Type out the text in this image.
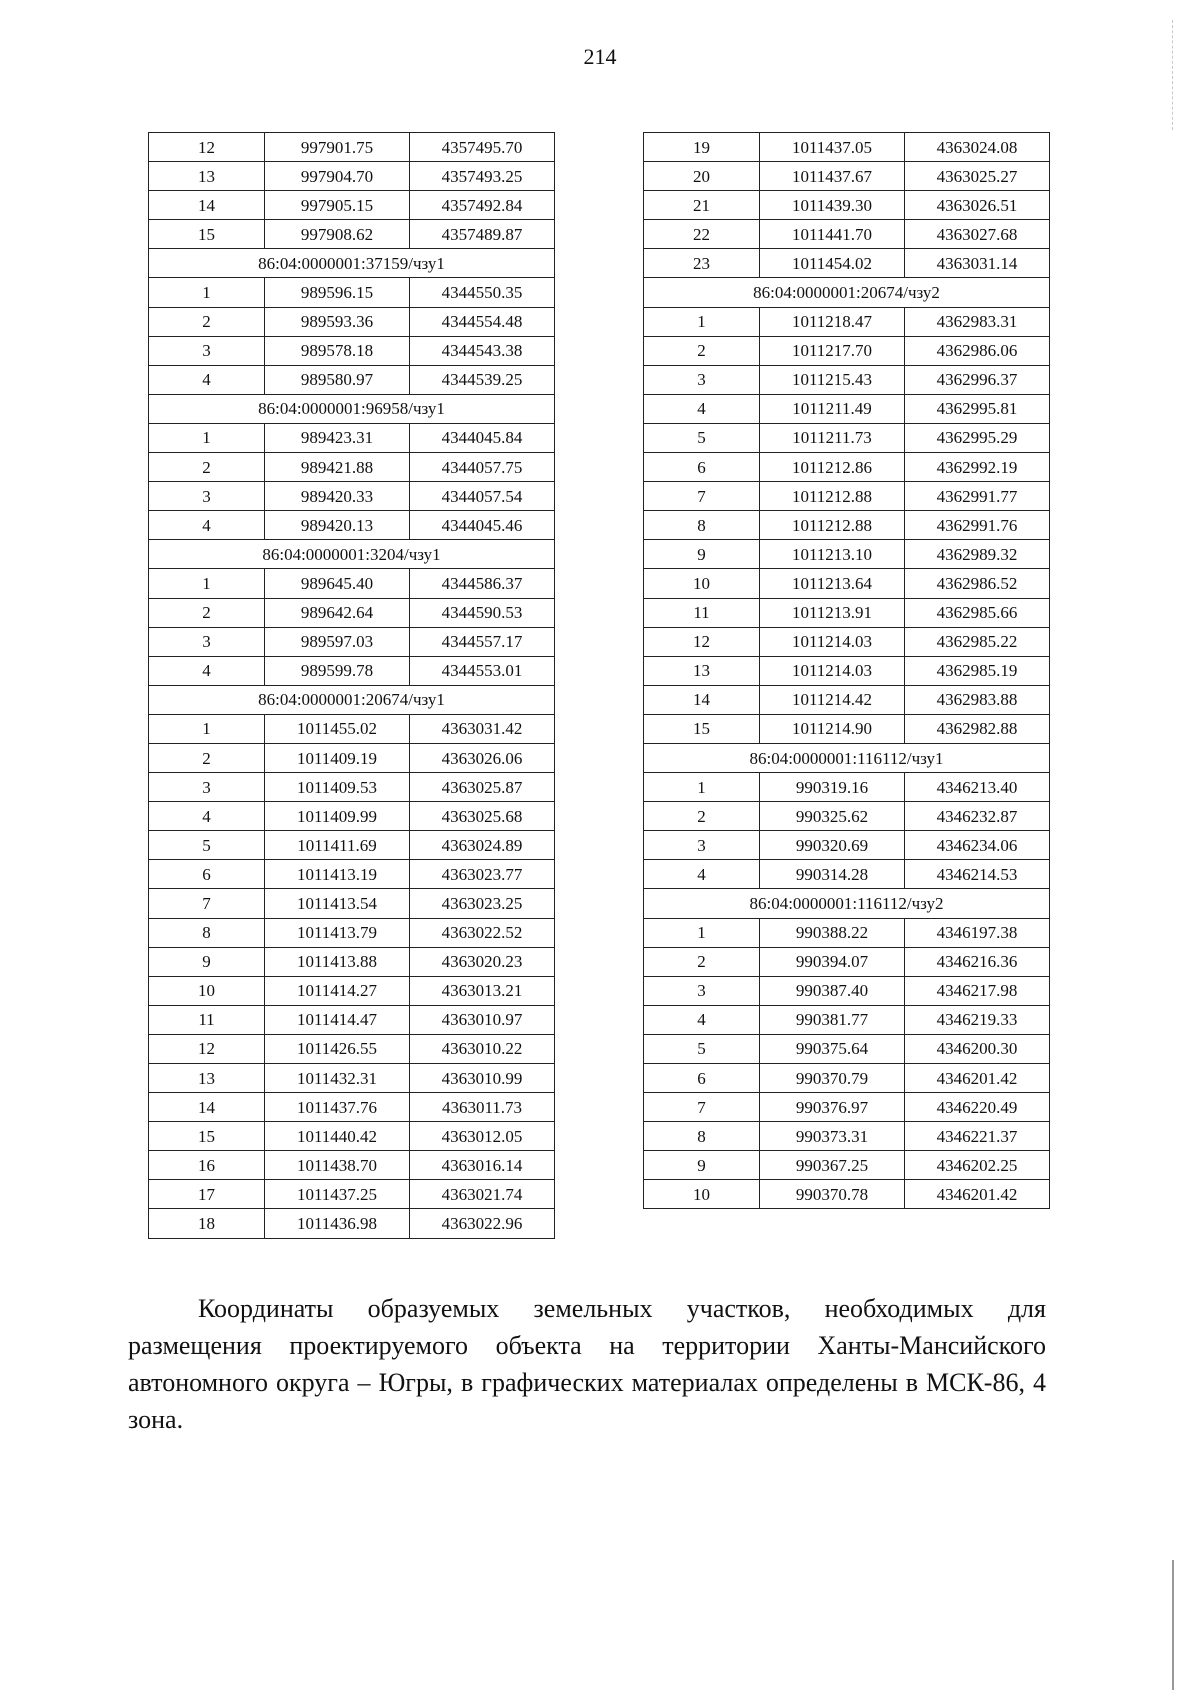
214
12	997901.75	4357495.70
13	997904.70	4357493.25
14	997905.15	4357492.84
15	997908.62	4357489.87
86:04:0000001:37159/чзу1		
1	989596.15	4344550.35
2	989593.36	4344554.48
3	989578.18	4344543.38
4	989580.97	4344539.25
86:04:0000001:96958/чзу1		
1	989423.31	4344045.84
2	989421.88	4344057.75
3	989420.33	4344057.54
4	989420.13	4344045.46
86:04:0000001:3204/чзу1		
1	989645.40	4344586.37
2	989642.64	4344590.53
3	989597.03	4344557.17
4	989599.78	4344553.01
86:04:0000001:20674/чзу1		
1	1011455.02	4363031.42
2	1011409.19	4363026.06
3	1011409.53	4363025.87
4	1011409.99	4363025.68
5	1011411.69	4363024.89
6	1011413.19	4363023.77
7	1011413.54	4363023.25
8	1011413.79	4363022.52
9	1011413.88	4363020.23
10	1011414.27	4363013.21
11	1011414.47	4363010.97
12	1011426.55	4363010.22
13	1011432.31	4363010.99
14	1011437.76	4363011.73
15	1011440.42	4363012.05
16	1011438.70	4363016.14
17	1011437.25	4363021.74
18	1011436.98	4363022.96
19	1011437.05	4363024.08
20	1011437.67	4363025.27
21	1011439.30	4363026.51
22	1011441.70	4363027.68
23	1011454.02	4363031.14
86:04:0000001:20674/чзу2		
1	1011218.47	4362983.31
2	1011217.70	4362986.06
3	1011215.43	4362996.37
4	1011211.49	4362995.81
5	1011211.73	4362995.29
6	1011212.86	4362992.19
7	1011212.88	4362991.77
8	1011212.88	4362991.76
9	1011213.10	4362989.32
10	1011213.64	4362986.52
11	1011213.91	4362985.66
12	1011214.03	4362985.22
13	1011214.03	4362985.19
14	1011214.42	4362983.88
15	1011214.90	4362982.88
86:04:0000001:116112/чзу1		
1	990319.16	4346213.40
2	990325.62	4346232.87
3	990320.69	4346234.06
4	990314.28	4346214.53
86:04:0000001:116112/чзу2		
1	990388.22	4346197.38
2	990394.07	4346216.36
3	990387.40	4346217.98
4	990381.77	4346219.33
5	990375.64	4346200.30
6	990370.79	4346201.42
7	990376.97	4346220.49
8	990373.31	4346221.37
9	990367.25	4346202.25
10	990370.78	4346201.42
Координаты образуемых земельных участков, необходимых для размещения проектируемого объекта на территории Ханты-Мансийского автономного округа – Югры, в графических материалах определены в МСК-86, 4 зона.
